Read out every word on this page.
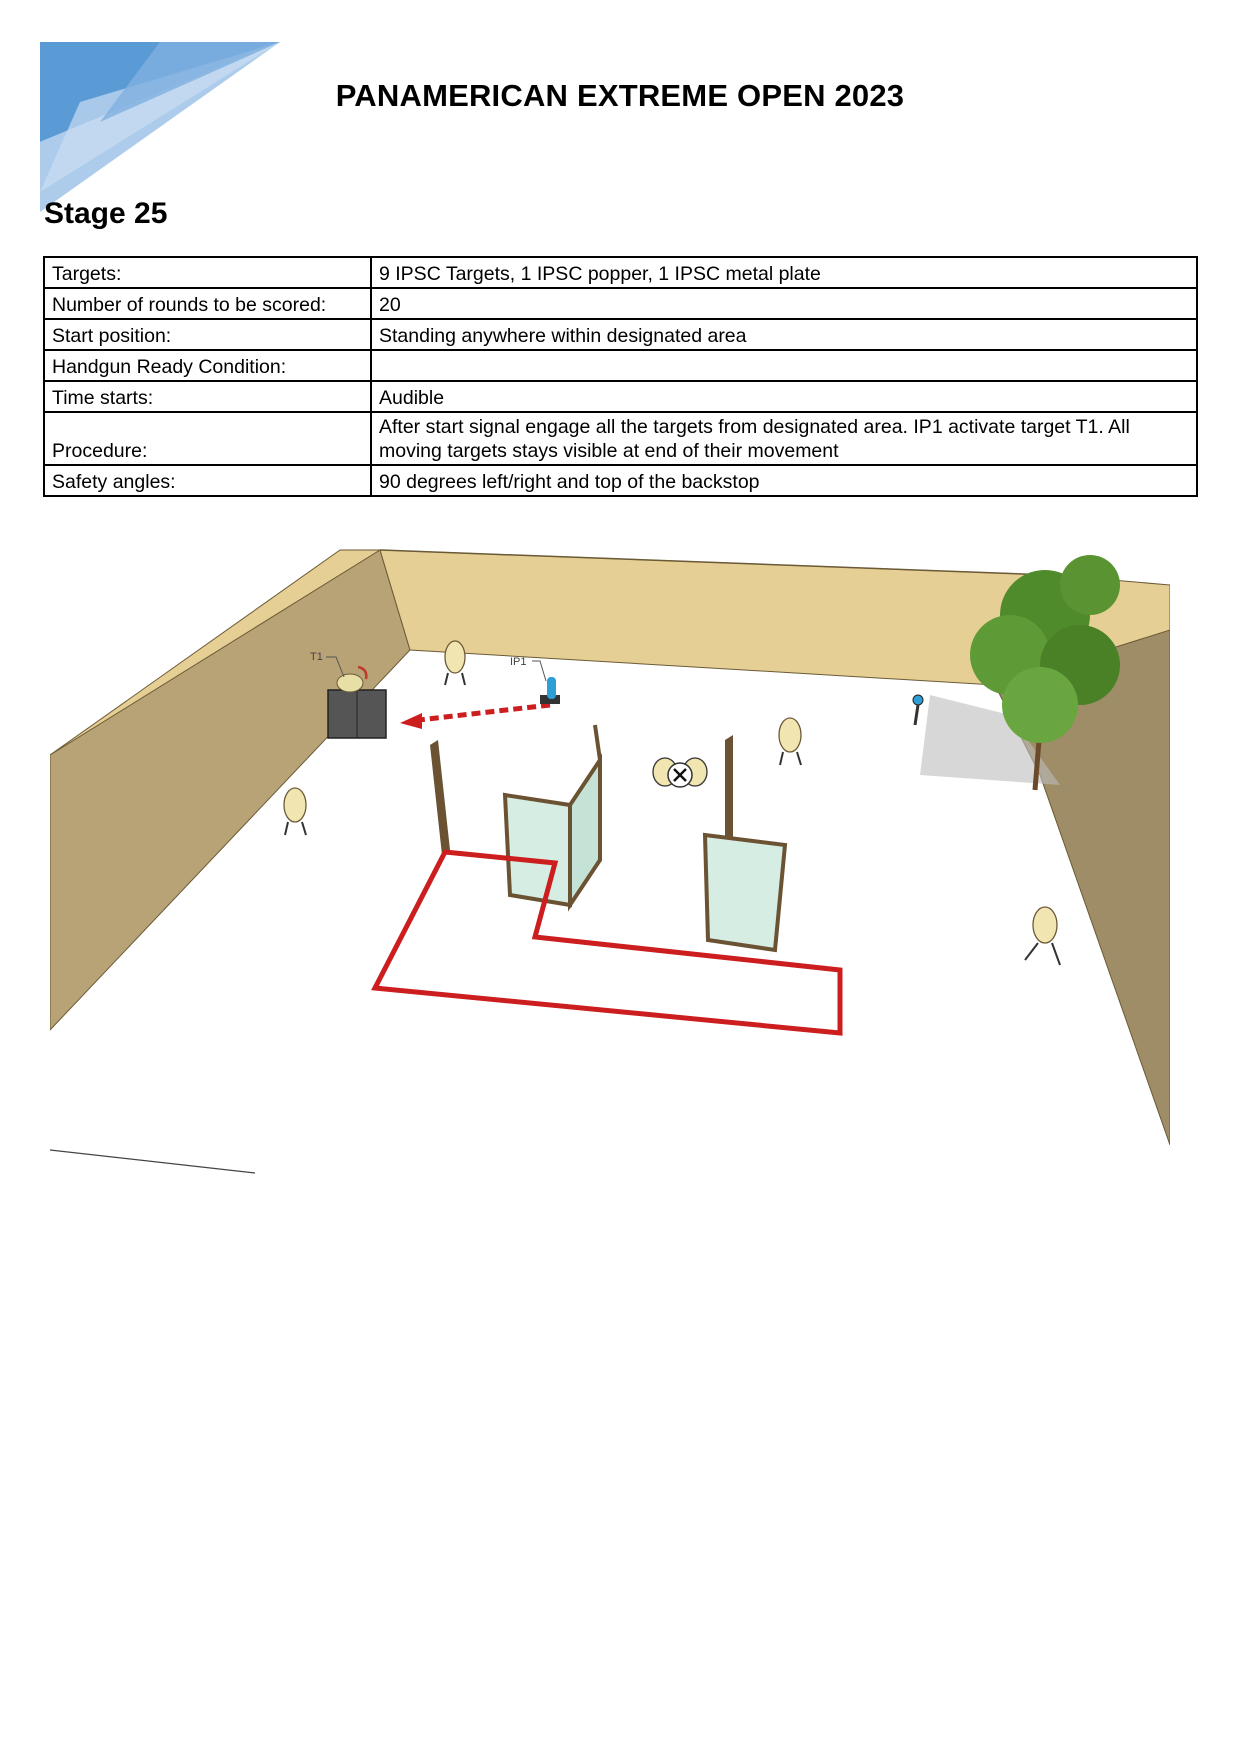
PANAMERICAN EXTREME OPEN 2023
Stage 25
Targets:	9 IPSC Targets, 1 IPSC popper, 1 IPSC metal plate
Number of rounds to be scored:	20
Start position:	Standing anywhere within designated area
Handgun Ready Condition:	
Time starts:	Audible
Procedure:	After start signal engage all the targets from designated area. IP1 activate target T1. All moving targets stays visible at end of their movement
Safety angles:	90 degrees left/right and top of the backstop
T1	IP1
